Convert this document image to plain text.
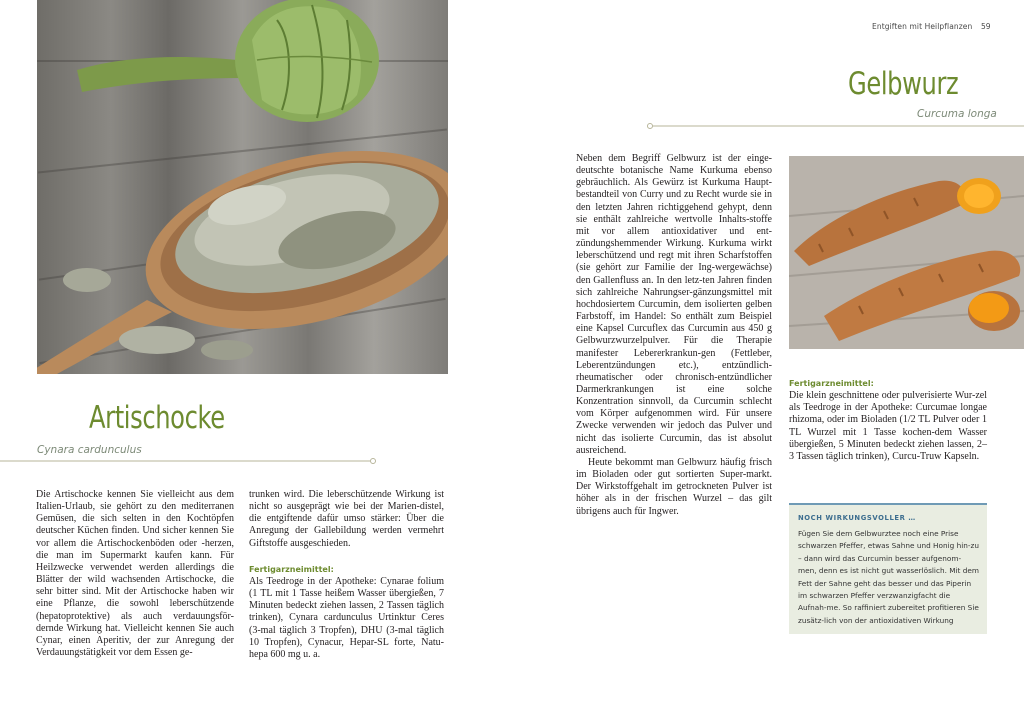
Entgiften mit Heilpflanzen 59
Artischocke
Cynara cardunculus

Die Artischocke kennen Sie vielleicht aus dem Italien-Urlaub, sie gehört zu den mediterranen Gemüsen, die sich selten in den Kochtöpfen deutscher Küchen finden. Und sicher kennen Sie vor allem die Artischockenböden oder -herzen, die man im Supermarkt kaufen kann. Für Heilzwecke verwendet werden allerdings die Blätter der wild wachsenden Artischocke, die sehr bitter sind. Mit der Artischocke haben wir eine Pflanze, die sowohl leberschützende (hepatoprotektive) als auch verdauungsför-dernde Wirkung hat. Vielleicht kennen Sie auch Cynar, einen Aperitiv, der zur Anregung der Verdauungstätigkeit vor dem Essen ge-

trunken wird. Die leberschützende Wirkung ist nicht so ausgeprägt wie bei der Marien-distel, die entgiftende dafür umso stärker: Über die Anregung der Gallebildung werden vermehrt Giftstoffe ausgeschieden.

Fertigarzneimittel:

Als Teedroge in der Apotheke: Cynarae folium (1 TL mit 1 Tasse heißem Wasser übergießen, 7 Minuten bedeckt ziehen lassen, 2 Tassen täglich trinken), Cynara cardunculus Urtinktur Ceres (3-mal täglich 3 Tropfen), DHU (3-mal täglich 10 Tropfen), Cynacur, Hepar-SL forte, Natu-hepa 600 mg u. a.

Gelbwurz
Curcuma longa

Neben dem Begriff Gelbwurz ist der einge-deutschte botanische Name Kurkuma ebenso gebräuchlich. Als Gewürz ist Kurkuma Haupt-bestandteil von Curry und zu Recht wurde sie in den letzten Jahren richtiggehend gehypt, denn sie enthält zahlreiche wertvolle Inhalts-stoffe mit vor allem antioxidativer und ent-zündungshemmender Wirkung. Kurkuma wirkt leberschützend und regt mit ihren Scharfstoffen (sie gehört zur Familie der Ing-wergewächse) den Gallenfluss an. In den letz-ten Jahren finden sich zahlreiche Nahrungser-gänzungsmittel mit hochdosiertem Curcumin, dem isolierten gelben Farbstoff, im Handel: So enthält zum Beispiel eine Kapsel Curcuflex das Curcumin aus 450 g Gelbwurzwurzelpulver. Für die Therapie manifester Lebererkrankun-gen (Fettleber, Leberentzündungen etc.), entzündlich-rheumatischer oder chronisch-entzündlicher Darmerkrankungen ist eine solche Konzentration sinnvoll, da Curcumin schlecht vom Körper aufgenommen wird. Für unsere Zwecke verwenden wir jedoch das Pulver und nicht das isolierte Curcumin, das ist absolut ausreichend.

Heute bekommt man Gelbwurz häufig frisch im Bioladen oder gut sortierten Super-markt. Der Wirkstoffgehalt im getrockneten Pulver ist höher als in der frischen Wurzel – das gilt übrigens auch für Ingwer.

Fertigarzneimittel:

Die klein geschnittene oder pulverisierte Wur-zel als Teedroge in der Apotheke: Curcumae longae rhizoma, oder im Bioladen (1/2 TL Pulver oder 1 TL Wurzel mit 1 Tasse kochen-dem Wasser übergießen, 5 Minuten bedeckt ziehen lassen, 2–3 Tassen täglich trinken), Curcu-Truw Kapseln.

NOCH WIRKUNGSVOLLER …

Fügen Sie dem Gelbwurztee noch eine Prise schwarzen Pfeffer, etwas Sahne und Honig hin-zu – dann wird das Curcumin besser aufgenom-men, denn es ist nicht gut wasserlöslich. Mit dem Fett der Sahne geht das besser und das Piperin im schwarzen Pfeffer verzwanzigfacht die Aufnah-me. So raffiniert zubereitet profitieren Sie zusätz-lich von der antioxidativen Wirkung
